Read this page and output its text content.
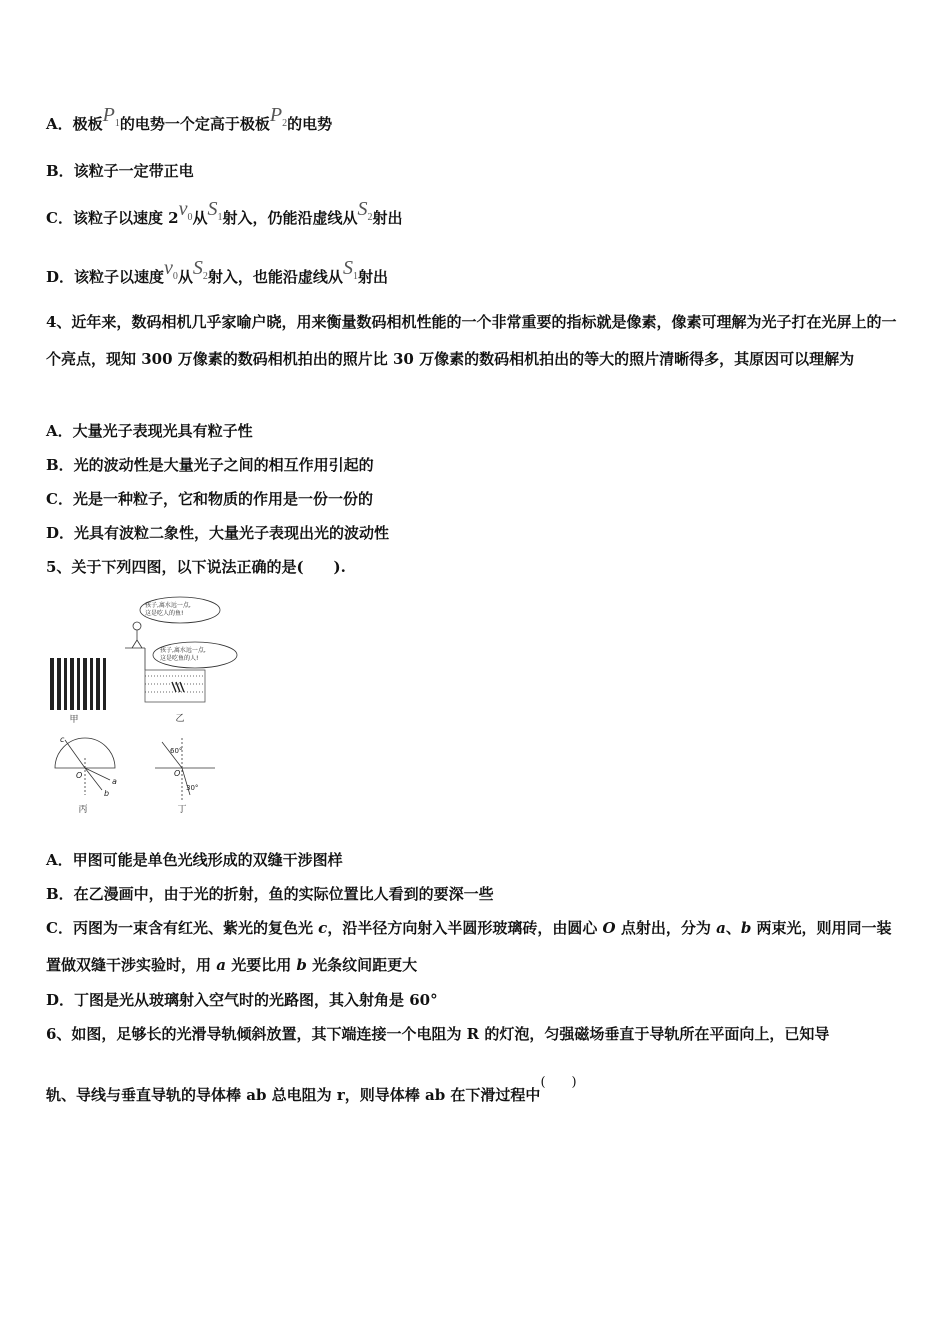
A．极板$P_1$的电势一个定高于极板$P_2$的电势
B．该粒子一定带正电
C．该粒子以速度 $2v_0$从$S_1$射入，仍能沿虚线从$S_2$射出
D．该粒子以速度$v_0$从$S_2$射入，也能沿虚线从$S_1$射出
4、近年来，数码相机几乎家喻户晓，用来衡量数码相机性能的一个非常重要的指标就是像素，像素可理解为光子打在光屏上的一个亮点，现知 300 万像素的数码相机拍出的照片比 30 万像素的数码相机拍出的等大的照片清晰得多，其原因可以理解为
A．大量光子表现光具有粒子性
B．光的波动性是大量光子之间的相互作用引起的
C．光是一种粒子，它和物质的作用是一份一份的
D．光具有波粒二象性，大量光子表现出光的波动性
5、关于下列四图，以下说法正确的是(　　).
甲
孩子,离水远一点,
这是吃人的鱼!
孩子,离水远一点,
这是吃鱼的人!
乙
c
O
a
b
丙
60°
30°
O
丁
A．甲图可能是单色光线形成的双缝干涉图样
B．在乙漫画中，由于光的折射，鱼的实际位置比人看到的要深一些
C．丙图为一束含有红光、紫光的复色光 c，沿半径方向射入半圆形玻璃砖，由圆心 O 点射出，分为 a、b 两束光，则用同一装置做双缝干涉实验时，用 a 光要比用 b 光条纹间距更大
D．丁图是光从玻璃射入空气时的光路图，其入射角是 60°
6、如图，足够长的光滑导轨倾斜放置，其下端连接一个电阻为 R 的灯泡，匀强磁场垂直于导轨所在平面向上，已知导
轨、导线与垂直导轨的导体棒 ab 总电阻为 r，则导体棒 ab 在下滑过程中(　　)
